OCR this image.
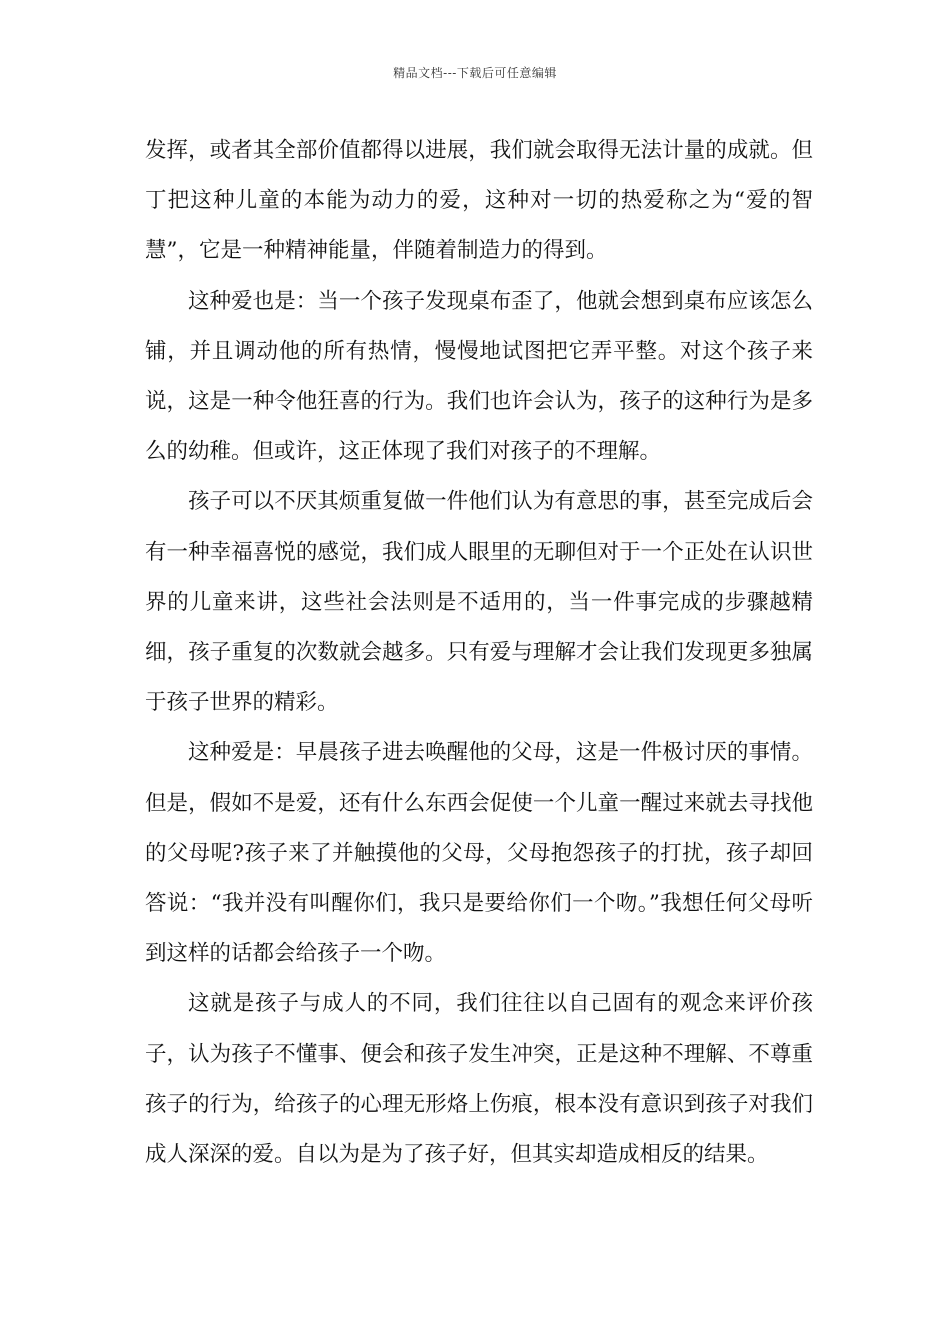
精品文档---下载后可任意编辑

发挥，或者其全部价值都得以进展，我们就会取得无法计量的成就。但丁把这种儿童的本能为动力的爱，这种对一切的热爱称之为“爱的智慧”，它是一种精神能量，伴随着制造力的得到。

这种爱也是：当一个孩子发现桌布歪了，他就会想到桌布应该怎么铺，并且调动他的所有热情，慢慢地试图把它弄平整。对这个孩子来说，这是一种令他狂喜的行为。我们也许会认为，孩子的这种行为是多么的幼稚。但或许，这正体现了我们对孩子的不理解。

孩子可以不厌其烦重复做一件他们认为有意思的事，甚至完成后会有一种幸福喜悦的感觉，我们成人眼里的无聊但对于一个正处在认识世界的儿童来讲，这些社会法则是不适用的，当一件事完成的步骤越精细，孩子重复的次数就会越多。只有爱与理解才会让我们发现更多独属于孩子世界的精彩。

这种爱是：早晨孩子进去唤醒他的父母，这是一件极讨厌的事情。但是，假如不是爱，还有什么东西会促使一个儿童一醒过来就去寻找他的父母呢?孩子来了并触摸他的父母，父母抱怨孩子的打扰，孩子却回答说：“我并没有叫醒你们，我只是要给你们一个吻。”我想任何父母听到这样的话都会给孩子一个吻。

这就是孩子与成人的不同，我们往往以自己固有的观念来评价孩子，认为孩子不懂事、便会和孩子发生冲突，正是这种不理解、不尊重孩子的行为，给孩子的心理无形烙上伤痕，根本没有意识到孩子对我们成人深深的爱。自以为是为了孩子好，但其实却造成相反的结果。
